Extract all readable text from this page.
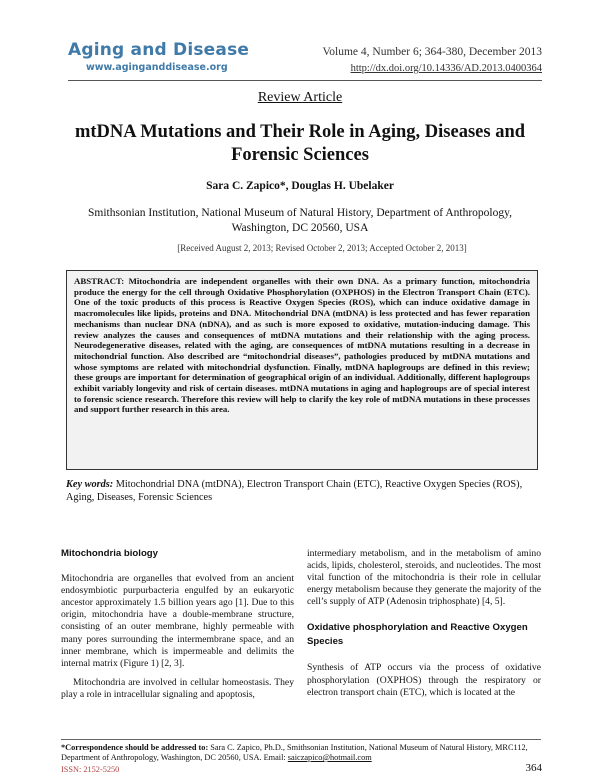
Aging and Disease
www.aginganddisease.org
Volume 4, Number 6; 364-380, December 2013
http://dx.doi.org/10.14336/AD.2013.0400364
Review Article
mtDNA Mutations and Their Role in Aging, Diseases and Forensic Sciences
Sara C. Zapico*, Douglas H. Ubelaker
Smithsonian Institution, National Museum of Natural History, Department of Anthropology, Washington, DC 20560, USA
[Received August 2, 2013; Revised October 2, 2013; Accepted October 2, 2013]
ABSTRACT: Mitochondria are independent organelles with their own DNA. As a primary function, mitochondria produce the energy for the cell through Oxidative Phosphorylation (OXPHOS) in the Electron Transport Chain (ETC). One of the toxic products of this process is Reactive Oxygen Species (ROS), which can induce oxidative damage in macromolecules like lipids, proteins and DNA. Mitochondrial DNA (mtDNA) is less protected and has fewer reparation mechanisms than nuclear DNA (nDNA), and as such is more exposed to oxidative, mutation-inducing damage. This review analyzes the causes and consequences of mtDNA mutations and their relationship with the aging process. Neurodegenerative diseases, related with the aging, are consequences of mtDNA mutations resulting in a decrease in mitochondrial function. Also described are “mitochondrial diseases”, pathologies produced by mtDNA mutations and whose symptoms are related with mitochondrial dysfunction. Finally, mtDNA haplogroups are defined in this review; these groups are important for determination of geographical origin of an individual. Additionally, different haplogroups exhibit variably longevity and risk of certain diseases. mtDNA mutations in aging and haplogroups are of special interest to forensic science research. Therefore this review will help to clarify the key role of mtDNA mutations in these processes and support further research in this area.
Key words: Mitochondrial DNA (mtDNA), Electron Transport Chain (ETC), Reactive Oxygen Species (ROS), Aging, Diseases, Forensic Sciences

Mitochondria biology

Mitochondria are organelles that evolved from an ancient endosymbiotic purpurbacteria engulfed by an eukaryotic ancestor approximately 1.5 billion years ago [1]. Due to this origin, mitochondria have a double-membrane structure, consisting of an outer membrane, highly permeable with many pores surrounding the intermembrane space, and an inner membrane, which is impermeable and delimits the internal matrix (Figure 1) [2, 3].

Mitochondria are involved in cellular homeostasis. They play a role in intracellular signaling and apoptosis,

intermediary metabolism, and in the metabolism of amino acids, lipids, cholesterol, steroids, and nucleotides. The most vital function of the mitochondria is their role in cellular energy metabolism because they generate the majority of the cell’s supply of ATP (Adenosin triphosphate) [4, 5].

Oxidative phosphorylation and Reactive Oxygen Species

Synthesis of ATP occurs via the process of oxidative phosphorylation (OXPHOS) through the respiratory or electron transport chain (ETC), which is located at the

*Correspondence should be addressed to: Sara C. Zapico, Ph.D., Smithsonian Institution, National Museum of Natural History, MRC112, Department of Anthropology, Washington, DC 20560, USA. Email: saiczapico@hotmail.com
ISSN: 2152-5250	364
